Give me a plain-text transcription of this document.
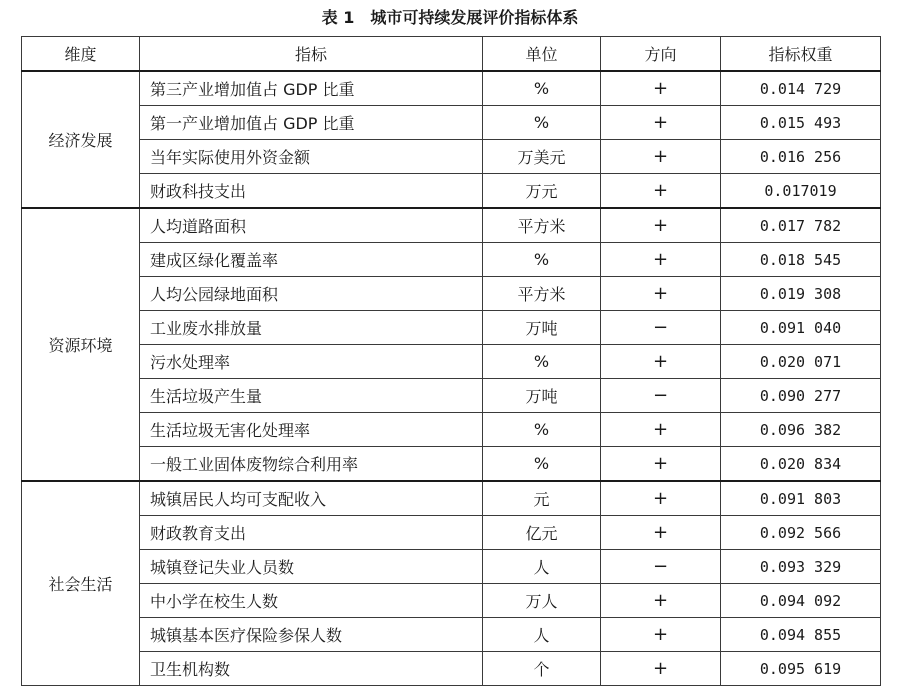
表 1 城市可持续发展评价指标体系
维度	指标	单位	方向	指标权重
经济发展	第三产业增加值占 GDP 比重	%	+	0.014 729
	第一产业增加值占 GDP 比重	%	+	0.015 493
	当年实际使用外资金额	万美元	+	0.016 256
	财政科技支出	万元	+	0.017019
资源环境	人均道路面积	平方米	+	0.017 782
	建成区绿化覆盖率	%	+	0.018 545
	人均公园绿地面积	平方米	+	0.019 308
	工业废水排放量	万吨	−	0.091 040
	污水处理率	%	+	0.020 071
	生活垃圾产生量	万吨	−	0.090 277
	生活垃圾无害化处理率	%	+	0.096 382
	一般工业固体废物综合利用率	%	+	0.020 834
社会生活	城镇居民人均可支配收入	元	+	0.091 803
	财政教育支出	亿元	+	0.092 566
	城镇登记失业人员数	人	−	0.093 329
	中小学在校生人数	万人	+	0.094 092
	城镇基本医疗保险参保人数	人	+	0.094 855
	卫生机构数	个	+	0.095 619
